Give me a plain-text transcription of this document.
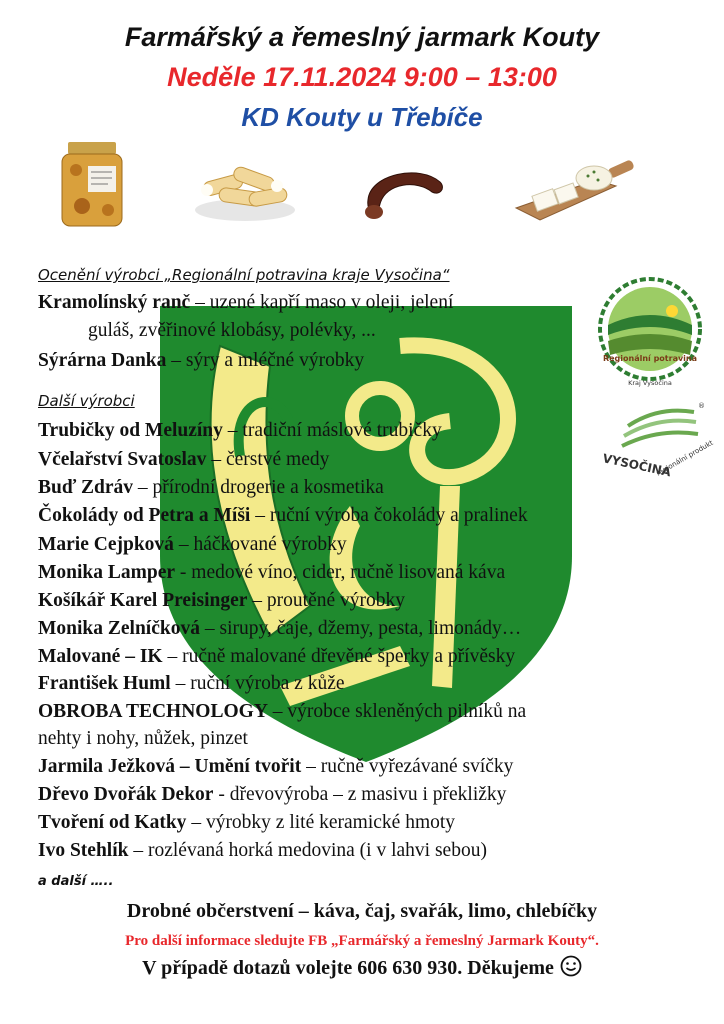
Farmářský a řemeslný jarmark Kouty
Neděle 17.11.2024 9:00 – 13:00
KD Kouty u Třebíče
Regionální potravina
Kraj Vysočina
VYSOČINA
regionální produkt
®
Ocenění výrobci „Regionální potravina kraje Vysočina“
Další výrobci
Kramolínský ranč – uzené kapří maso v oleji, jelení
guláš, zvěřinové klobásy, polévky, ...
Sýrárna Danka – sýry a mléčné výrobky
Trubičky od Meluzíny – tradiční máslové trubičky
Včelařství Svatoslav – čerstvé medy
Buď Zdráv – přírodní drogerie a kosmetika
Čokolády od Petra a Míši – ruční výroba čokolády a pralinek
Marie Cejpková – háčkované výrobky
Monika Lamper - medové víno, cider, ručně lisovaná káva
Košíkář Karel Preisinger – proutěné výrobky
Monika Zelníčková – sirupy, čaje, džemy, pesta, limonády…
Malované – IK – ručně malované dřevěné šperky a přívěsky
František Huml – ruční výroba z kůže
OBROBA TECHNOLOGY – výrobce skleněných pilníků na
nehty i nohy, nůžek, pinzet
Jarmila Ježková – Umění tvořit – ručně vyřezávané svíčky
Dřevo Dvořák Dekor - dřevovýroba – z masivu i překližky
Tvoření od Katky – výrobky z lité keramické hmoty
Ivo Stehlík – rozlévaná horká medovina (i v lahvi sebou)
a další …..
Drobné občerstvení – káva, čaj, svařák, limo, chlebíčky
Pro další informace sledujte FB „Farmářský a řemeslný Jarmark Kouty“.
V případě dotazů volejte 606 630 930. Děkujeme
